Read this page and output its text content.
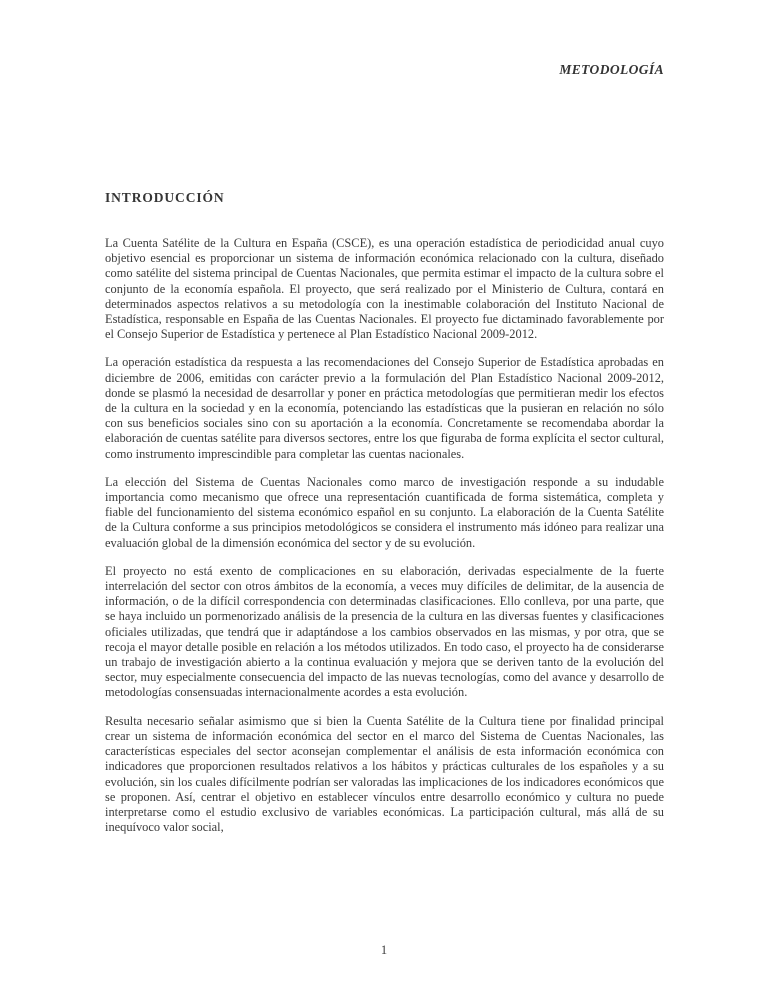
METODOLOGÍA
INTRODUCCIÓN

La Cuenta Satélite de la Cultura en España (CSCE), es una operación estadística de periodicidad anual cuyo objetivo esencial es proporcionar un sistema de información económica relacionado con la cultura, diseñado como satélite del sistema principal de Cuentas Nacionales, que permita estimar el impacto de la cultura sobre el conjunto de la economía española. El proyecto, que será realizado por el Ministerio de Cultura, contará en determinados aspectos relativos a su metodología con la inestimable colaboración del Instituto Nacional de Estadística, responsable en España de las Cuentas Nacionales. El proyecto fue dictaminado favorablemente por el Consejo Superior de Estadística y pertenece al Plan Estadístico Nacional 2009-2012.

La operación estadística da respuesta a las recomendaciones del Consejo Superior de Estadística aprobadas en diciembre de 2006, emitidas con carácter previo a la formulación del Plan Estadístico Nacional 2009-2012, donde se plasmó la necesidad de desarrollar y poner en práctica metodologías que permitieran medir los efectos de la cultura en la sociedad y en la economía, potenciando las estadísticas que la pusieran en relación no sólo con sus beneficios sociales sino con su aportación a la economía. Concretamente se recomendaba abordar la elaboración de cuentas satélite para diversos sectores, entre los que figuraba de forma explícita el sector cultural, como instrumento imprescindible para completar las cuentas nacionales.

La elección del Sistema de Cuentas Nacionales como marco de investigación responde a su indudable importancia como mecanismo que ofrece una representación cuantificada de forma sistemática, completa y fiable del funcionamiento del sistema económico español en su conjunto. La elaboración de la Cuenta Satélite de la Cultura conforme a sus principios metodológicos se considera el instrumento más idóneo para realizar una evaluación global de la dimensión económica del sector y de su evolución.

El proyecto no está exento de complicaciones en su elaboración, derivadas especialmente de la fuerte interrelación del sector con otros ámbitos de la economía, a veces muy difíciles de delimitar, de la ausencia de información, o de la difícil correspondencia con determinadas clasificaciones. Ello conlleva, por una parte, que se haya incluido un pormenorizado análisis de la presencia de la cultura en las diversas fuentes y clasificaciones oficiales utilizadas, que tendrá que ir adaptándose a los cambios observados en las mismas, y por otra, que se recoja el mayor detalle posible en relación a los métodos utilizados. En todo caso, el proyecto ha de considerarse un trabajo de investigación abierto a la continua evaluación y mejora que se deriven tanto de la evolución del sector, muy especialmente consecuencia del impacto de las nuevas tecnologías, como del avance y desarrollo de metodologías consensuadas internacionalmente acordes a esta evolución.

Resulta necesario señalar asimismo que si bien la Cuenta Satélite de la Cultura tiene por finalidad principal crear un sistema de información económica del sector en el marco del Sistema de Cuentas Nacionales, las características especiales del sector aconsejan complementar el análisis de esta información económica con indicadores que proporcionen resultados relativos a los hábitos y prácticas culturales de los españoles y a su evolución, sin los cuales difícilmente podrían ser valoradas las implicaciones de los indicadores económicos que se proponen. Así, centrar el objetivo en establecer vínculos entre desarrollo económico y cultura no puede interpretarse como el estudio exclusivo de variables económicas. La participación cultural, más allá de su inequívoco valor social,

1
